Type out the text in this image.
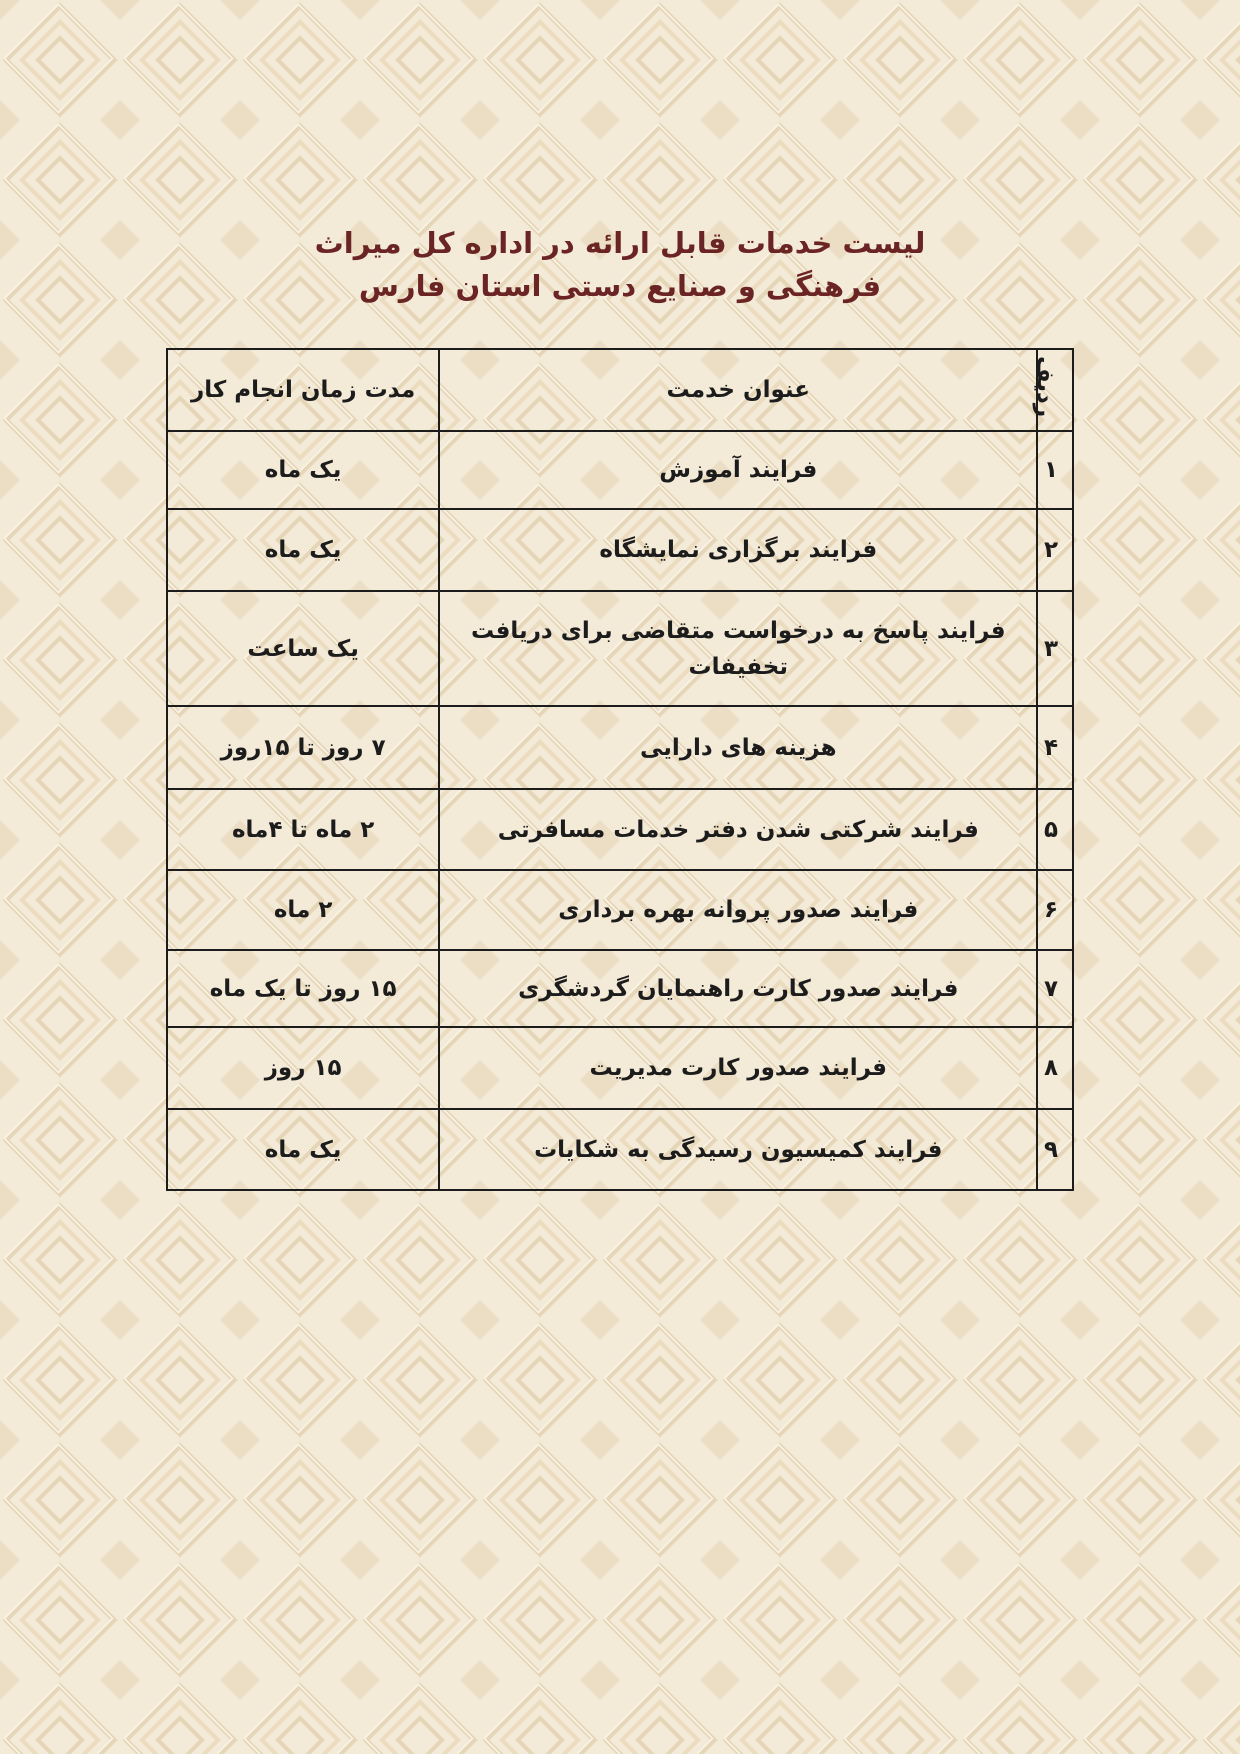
لیست خدمات قابل ارائه در اداره کل میراث
فرهنگی و صنایع دستی استان فارس
ردیف	عنوان خدمت	مدت زمان انجام کار
۱	فرایند آموزش	یک ماه
۲	فرایند برگزاری نمایشگاه	یک ماه
۳	فرایند پاسخ به درخواست متقاضی برای دریافت تخفیفات	یک ساعت
۴	هزینه های دارایی	۷ روز تا ۱۵روز
۵	فرایند شرکتی شدن دفتر خدمات مسافرتی	۲ ماه تا ۴ماه
۶	فرایند صدور پروانه بهره برداری	۲ ماه
۷	فرایند صدور کارت راهنمایان گردشگری	۱۵ روز تا یک ماه
۸	فرایند صدور کارت مدیریت	۱۵ روز
۹	فرایند کمیسیون رسیدگی به شکایات	یک ماه
